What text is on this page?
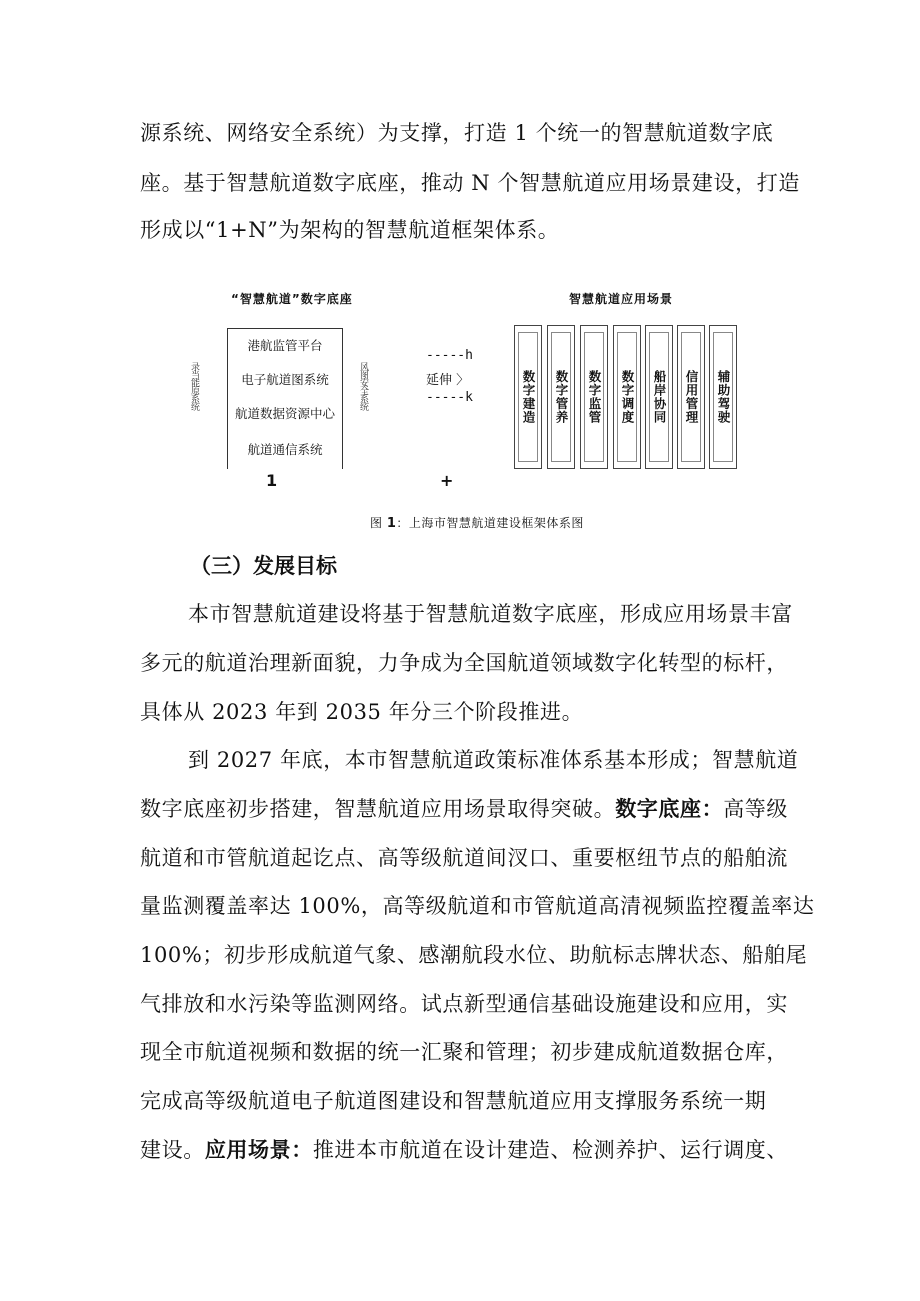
源系统、网络安全系统）为支撑，打造 1 个统一的智慧航道数字底
座。基于智慧航道数字底座，推动 N 个智慧航道应用场景建设，打造
形成以“1+N”为架构的智慧航道框架体系。
“智慧航道”数字底座	智慧航道应用场景
录当能原系统
港航监管平台
电子航道图系统
航道数据资源中心
航道通信系统
风图安全系统
-----h
延伸 〉
-----k
1	+
数字建造 数字管养 数字监管 数字调度 船岸协同 信用管理 辅助驾驶
图 1：上海市智慧航道建设框架体系图
（三）发展目标
本市智慧航道建设将基于智慧航道数字底座，形成应用场景丰富
多元的航道治理新面貌，力争成为全国航道领域数字化转型的标杆，
具体从 2023 年到 2035 年分三个阶段推进。
到 2027 年底，本市智慧航道政策标准体系基本形成；智慧航道
数字底座初步搭建，智慧航道应用场景取得突破。数字底座：高等级
航道和市管航道起讫点、高等级航道间汊口、重要枢纽节点的船舶流
量监测覆盖率达 100%，高等级航道和市管航道高清视频监控覆盖率达
100%；初步形成航道气象、感潮航段水位、助航标志牌状态、船舶尾
气排放和水污染等监测网络。试点新型通信基础设施建设和应用，实
现全市航道视频和数据的统一汇聚和管理；初步建成航道数据仓库，
完成高等级航道电子航道图建设和智慧航道应用支撑服务系统一期
建设。应用场景：推进本市航道在设计建造、检测养护、运行调度、
